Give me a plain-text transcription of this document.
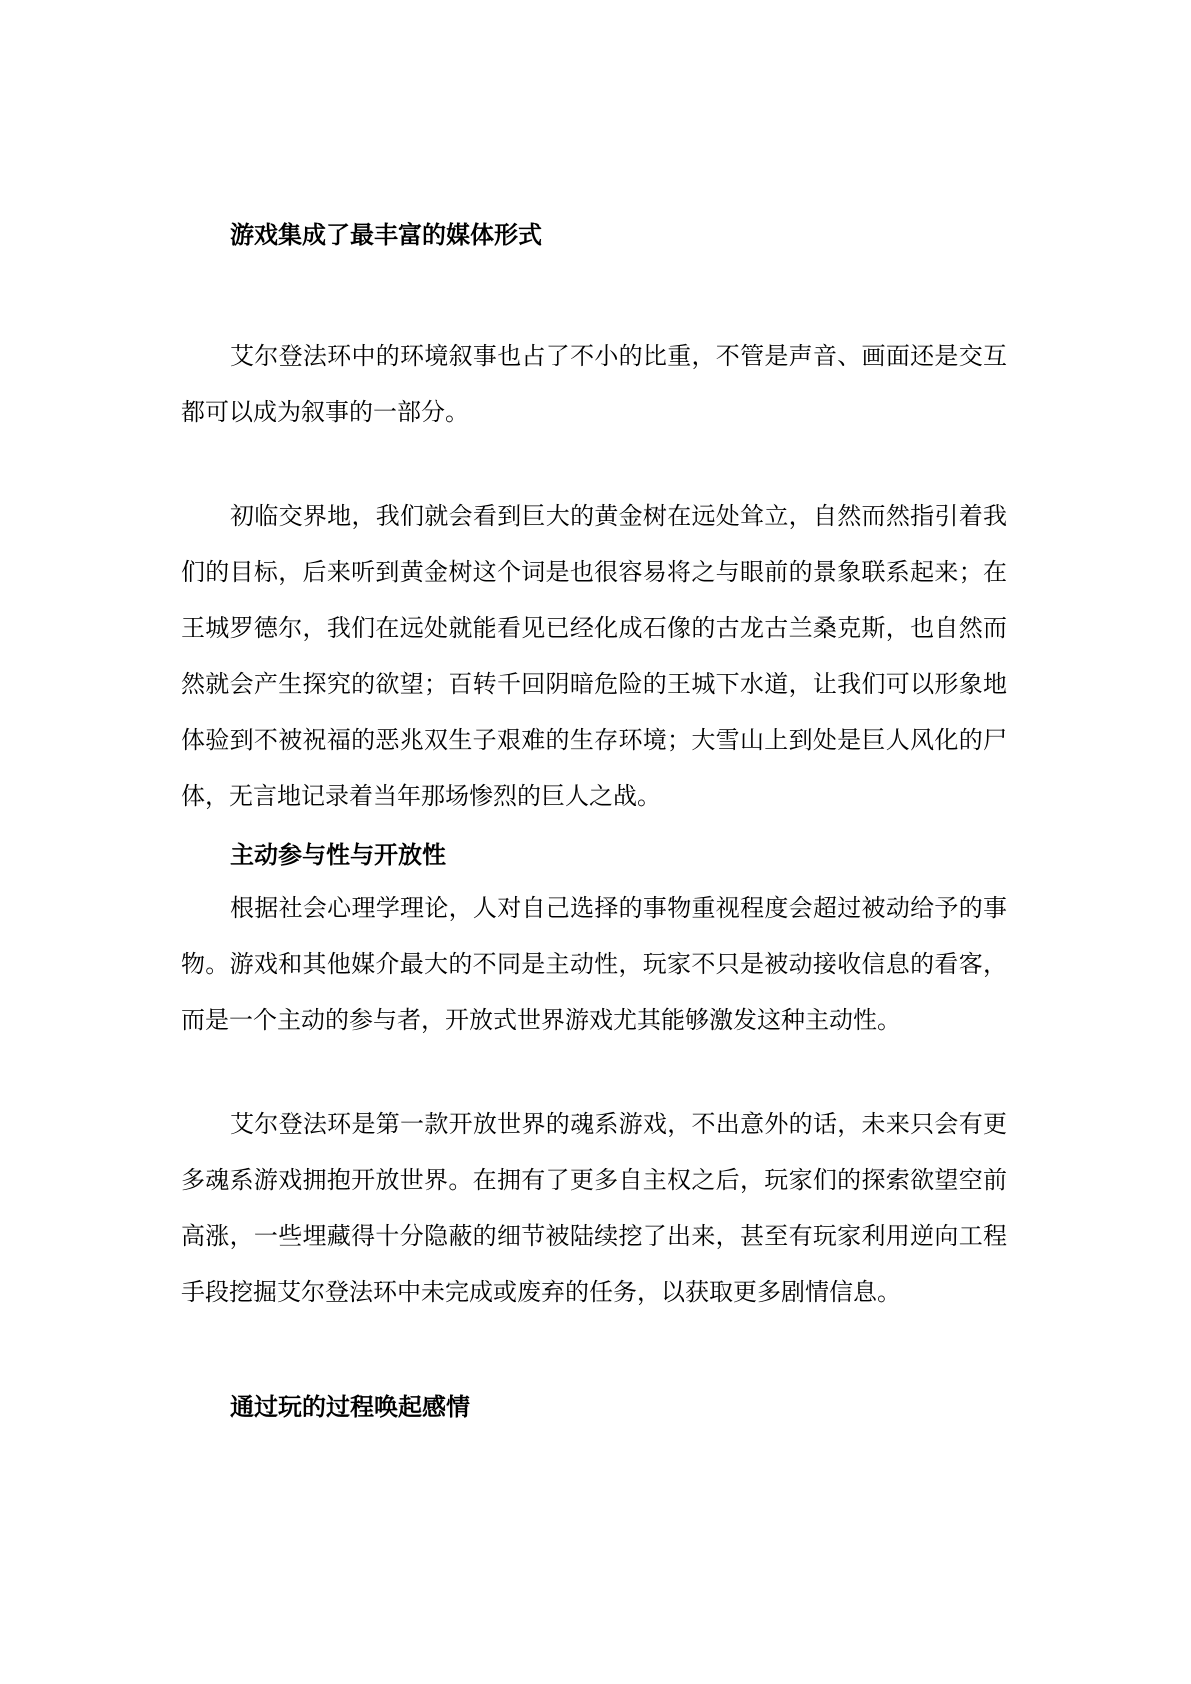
游戏集成了最丰富的媒体形式

艾尔登法环中的环境叙事也占了不小的比重，不管是声音、画面还是交互都可以成为叙事的一部分。

初临交界地，我们就会看到巨大的黄金树在远处耸立，自然而然指引着我们的目标，后来听到黄金树这个词是也很容易将之与眼前的景象联系起来；在王城罗德尔，我们在远处就能看见已经化成石像的古龙古兰桑克斯，也自然而然就会产生探究的欲望；百转千回阴暗危险的王城下水道，让我们可以形象地体验到不被祝福的恶兆双生子艰难的生存环境；大雪山上到处是巨人风化的尸体，无言地记录着当年那场惨烈的巨人之战。

主动参与性与开放性

根据社会心理学理论，人对自己选择的事物重视程度会超过被动给予的事物。游戏和其他媒介最大的不同是主动性，玩家不只是被动接收信息的看客，而是一个主动的参与者，开放式世界游戏尤其能够激发这种主动性。

艾尔登法环是第一款开放世界的魂系游戏，不出意外的话，未来只会有更多魂系游戏拥抱开放世界。在拥有了更多自主权之后，玩家们的探索欲望空前高涨，一些埋藏得十分隐蔽的细节被陆续挖了出来，甚至有玩家利用逆向工程手段挖掘艾尔登法环中未完成或废弃的任务，以获取更多剧情信息。

通过玩的过程唤起感情
